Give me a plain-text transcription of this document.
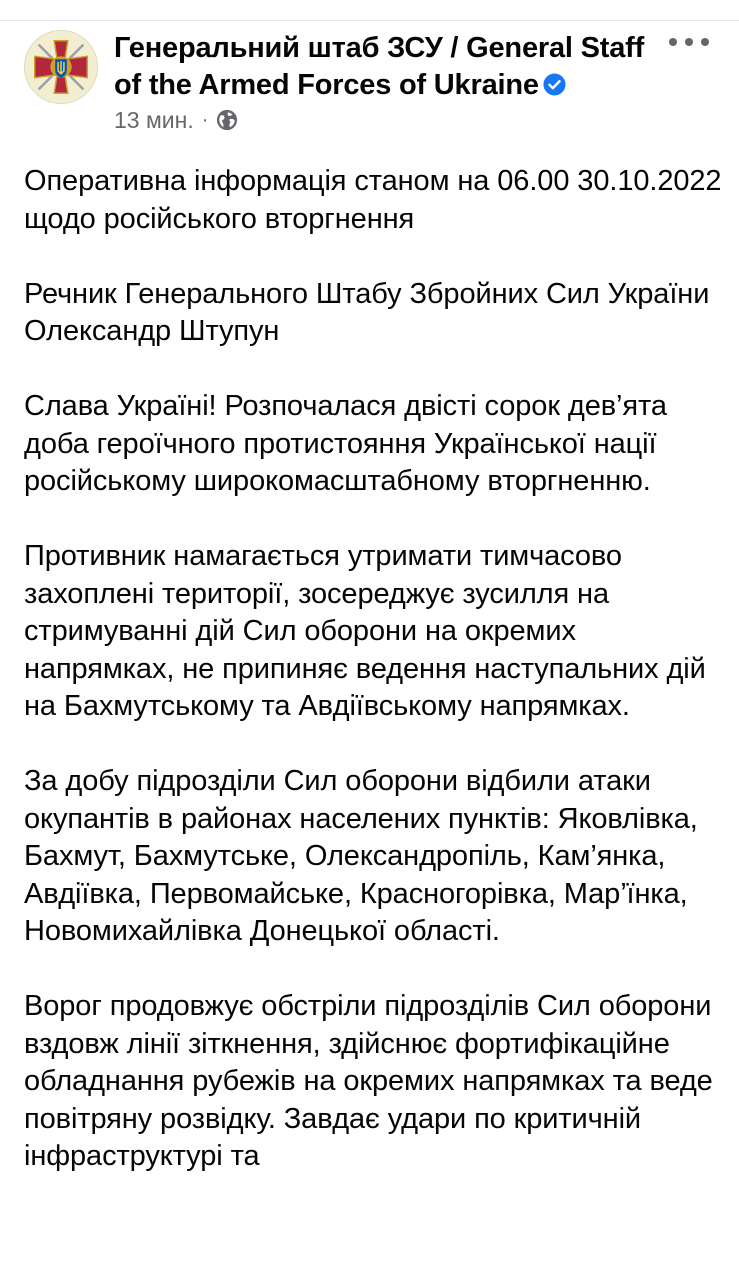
Генеральний штаб ЗСУ / General Staff of the Armed Forces of Ukraine
13 мин. ·

Оперативна інформація станом на 06.00 30.10.2022 щодо російського вторгнення

Речник Генерального Штабу Збройних Сил України Олександр Штупун

Слава Україні! Розпочалася двісті сорок дев’ята доба героїчного протистояння Української нації російському широкомасштабному вторгненню.

Противник намагається утримати тимчасово захоплені території, зосереджує зусилля на стримуванні дій Сил оборони на окремих напрямках, не припиняє ведення наступальних дій на Бахмутському та Авдіївському напрямках.

За добу підрозділи Сил оборони відбили атаки окупантів в районах населених пунктів: Яковлівка, Бахмут, Бахмутське, Олександропіль, Кам’янка, Авдіївка, Первомайське, Красногорівка, Мар’їнка, Новомихайлівка Донецької області.

Ворог продовжує обстріли підрозділів Сил оборони вздовж лінії зіткнення, здійснює фортифікаційне обладнання рубежів на окремих напрямках та веде повітряну розвідку. Завдає удари по критичній інфраструктурі та
